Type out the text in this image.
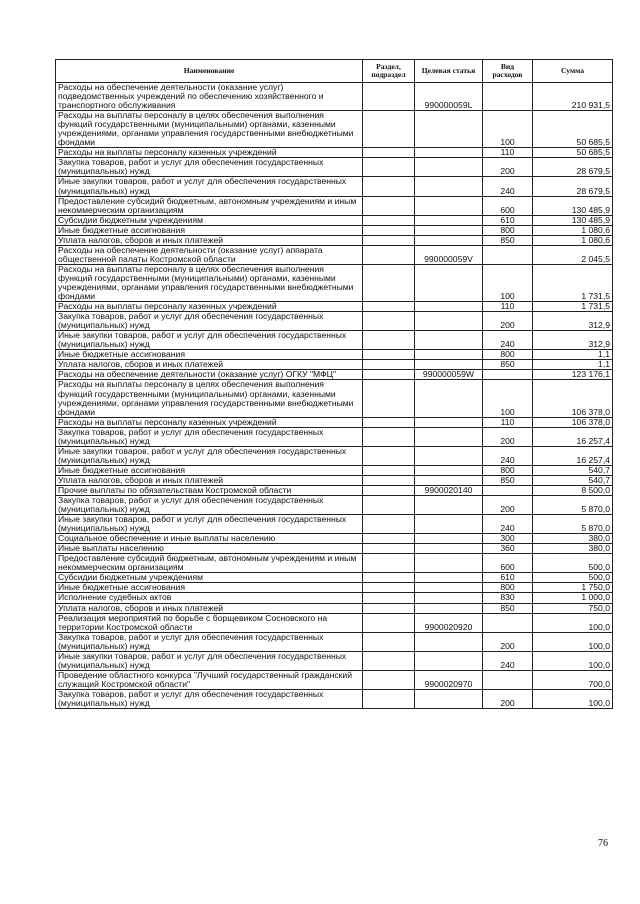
Наименование	Раздел, подраздел	Целевая статья	Вид расходов	Сумма
Расходы на обеспечение деятельности (оказание услуг) подведомственных учреждений по обеспечению хозяйственного и транспортного обслуживания		990000059L		210 931,5
Расходы на выплаты персоналу в целях обеспечения выполнения функций государственными (муниципальными) органами, казенными учреждениями, органами управления государственными внебюджетными фондами			100	50 685,5
Расходы на выплаты персоналу казенных учреждений			110	50 685,5
Закупка товаров, работ и услуг для обеспечения государственных (муниципальных) нужд			200	28 679,5
Иные закупки товаров, работ и услуг для обеспечения государственных (муниципальных) нужд			240	28 679,5
Предоставление субсидий бюджетным, автономным учреждениям и иным некоммерческим организациям			600	130 485,9
Субсидии бюджетным учреждениям			610	130 485,9
Иные бюджетные ассигнования			800	1 080,6
Уплата налогов, сборов и иных платежей			850	1 080,6
Расходы на обеспечение деятельности (оказание услуг) аппарата общественной палаты Костромской области		990000059V		2 045,5
Расходы на выплаты персоналу в целях обеспечения выполнения функций государственными (муниципальными) органами, казенными учреждениями, органами управления государственными внебюджетными фондами			100	1 731,5
Расходы на выплаты персоналу казенных учреждений			110	1 731,5
Закупка товаров, работ и услуг для обеспечения государственных (муниципальных) нужд			200	312,9
Иные закупки товаров, работ и услуг для обеспечения государственных (муниципальных) нужд			240	312,9
Иные бюджетные ассигнования			800	1,1
Уплата налогов, сборов и иных платежей			850	1,1
Расходы на обеспечение деятельности (оказание услуг) ОГКУ "МФЦ"		990000059W		123 176,1
Расходы на выплаты персоналу в целях обеспечения выполнения функций государственными (муниципальными) органами, казенными учреждениями, органами управления государственными внебюджетными фондами			100	106 378,0
Расходы на выплаты персоналу казенных учреждений			110	106 378,0
Закупка товаров, работ и услуг для обеспечения государственных (муниципальных) нужд			200	16 257,4
Иные закупки товаров, работ и услуг для обеспечения государственных (муниципальных) нужд			240	16 257,4
Иные бюджетные ассигнования			800	540,7
Уплата налогов, сборов и иных платежей			850	540,7
Прочие выплаты по обязательствам Костромской области		9900020140		8 500,0
Закупка товаров, работ и услуг для обеспечения государственных (муниципальных) нужд			200	5 870,0
Иные закупки товаров, работ и услуг для обеспечения государственных (муниципальных) нужд			240	5 870,0
Социальное обеспечение и иные выплаты населению			300	380,0
Иные выплаты населению			360	380,0
Предоставление субсидий бюджетным, автономным учреждениям и иным некоммерческим организациям			600	500,0
Субсидии бюджетным учреждениям			610	500,0
Иные бюджетные ассигнования			800	1 750,0
Исполнение судебных актов			830	1 000,0
Уплата налогов, сборов и иных платежей			850	750,0
Реализация мероприятий по борьбе с борщевиком Сосновского на территории Костромской области		9900020920		100,0
Закупка товаров, работ и услуг для обеспечения государственных (муниципальных) нужд			200	100,0
Иные закупки товаров, работ и услуг для обеспечения государственных (муниципальных) нужд			240	100,0
Проведение областного конкурса "Лучший государственный гражданский служащий Костромской области"		9900020970		700,0
Закупка товаров, работ и услуг для обеспечения государственных (муниципальных) нужд			200	100,0
76
